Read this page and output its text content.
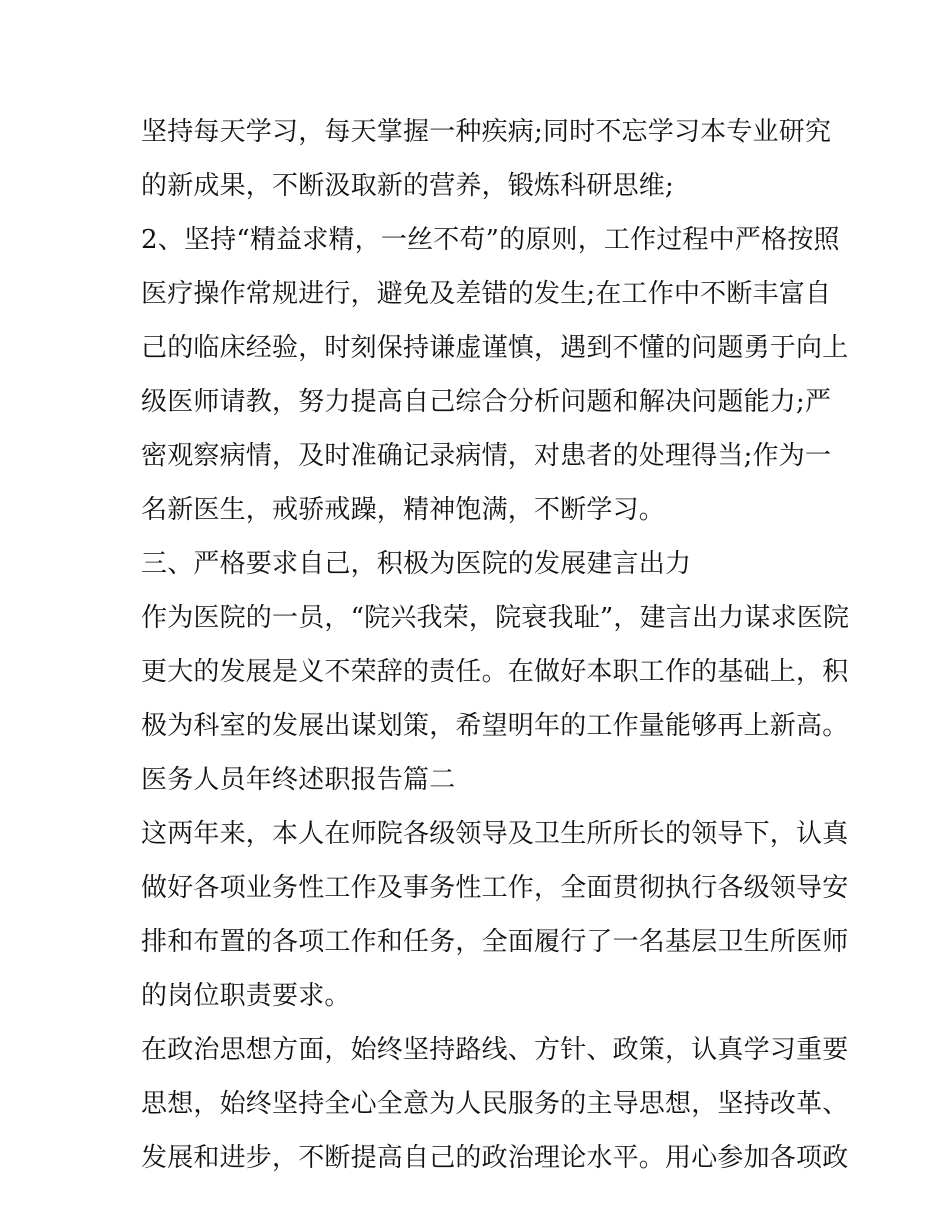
坚持每天学习，每天掌握一种疾病;同时不忘学习本专业研究
的新成果，不断汲取新的营养，锻炼科研思维;
2、坚持“精益求精，一丝不苟”的原则，工作过程中严格按照
医疗操作常规进行，避免及差错的发生;在工作中不断丰富自
己的临床经验，时刻保持谦虚谨慎，遇到不懂的问题勇于向上
级医师请教，努力提高自己综合分析问题和解决问题能力;严
密观察病情，及时准确记录病情，对患者的处理得当;作为一
名新医生，戒骄戒躁，精神饱满，不断学习。
三、严格要求自己，积极为医院的发展建言出力
作为医院的一员，“院兴我荣，院衰我耻”，建言出力谋求医院
更大的发展是义不荣辞的责任。在做好本职工作的基础上，积
极为科室的发展出谋划策，希望明年的工作量能够再上新高。
医务人员年终述职报告篇二
这两年来，本人在师院各级领导及卫生所所长的领导下，认真
做好各项业务性工作及事务性工作，全面贯彻执行各级领导安
排和布置的各项工作和任务，全面履行了一名基层卫生所医师
的岗位职责要求。
在政治思想方面，始终坚持路线、方针、政策，认真学习重要
思想，始终坚持全心全意为人民服务的主导思想，坚持改革、
发展和进步，不断提高自己的政治理论水平。用心参加各项政
